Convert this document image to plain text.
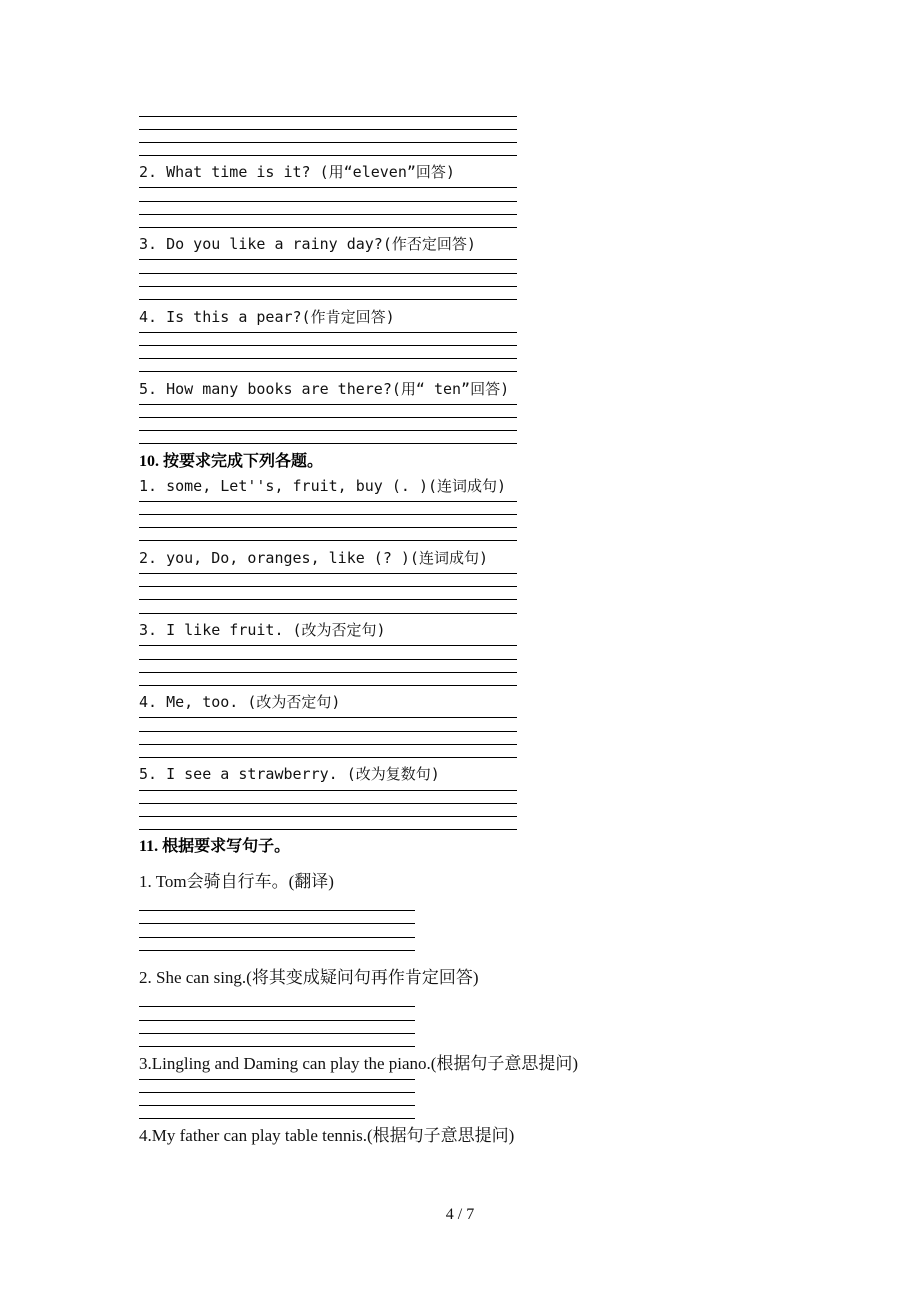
2. What time is it? (用“eleven”回答)
3. Do you like a rainy day?(作否定回答)
4. Is this a pear?(作肯定回答)
5. How many books are there?(用“ ten”回答)
10. 按要求完成下列各题。
1. some, Let''s, fruit, buy (. )(连词成句)
2. you, Do, oranges, like (? )(连词成句)
3. I like fruit. (改为否定句)
4. Me, too. (改为否定句)
5. I see a strawberry. (改为复数句)
11. 根据要求写句子。
1. Tom会骑自行车。(翻译)
2. She can sing.(将其变成疑问句再作肯定回答)
3.Lingling and Daming can play the piano.(根据句子意思提问)
4.My father can play table tennis.(根据句子意思提问)
4 / 7
